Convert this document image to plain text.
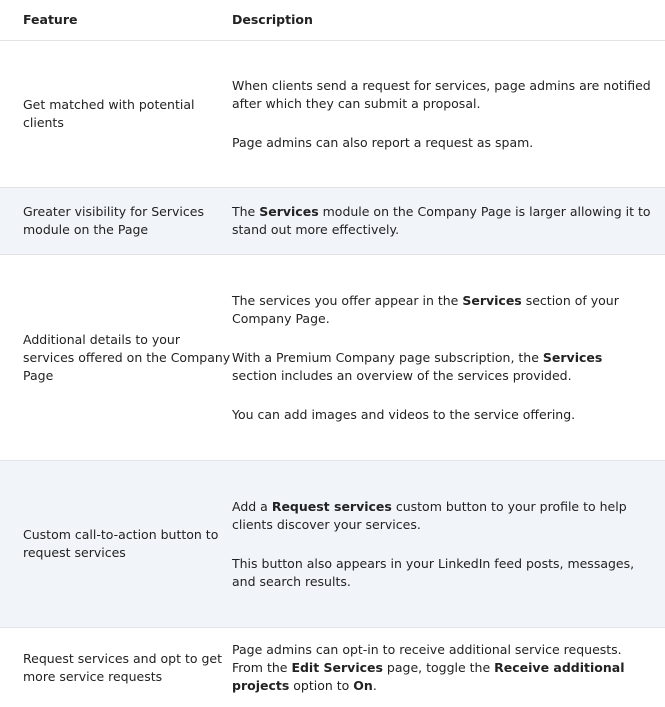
Feature	Description
Get matched with potential clients

When clients send a request for services, page admins are notified after which they can submit a proposal.

Page admins can also report a request as spam.

Greater visibility for Services module on the Page

The Services module on the Company Page is larger allowing it to stand out more effectively.

Additional details to your services offered on the Company Page

The services you offer appear in the Services section of your Company Page.

With a Premium Company page subscription, the Services section includes an overview of the services provided.

You can add images and videos to the service offering.

Custom call-to-action button to request services

Add a Request services custom button to your profile to help clients discover your services.

This button also appears in your LinkedIn feed posts, messages, and search results.

Request services and opt to get more service requests

Page admins can opt-in to receive additional service requests. From the Edit Services page, toggle the Receive additional projects option to On.
